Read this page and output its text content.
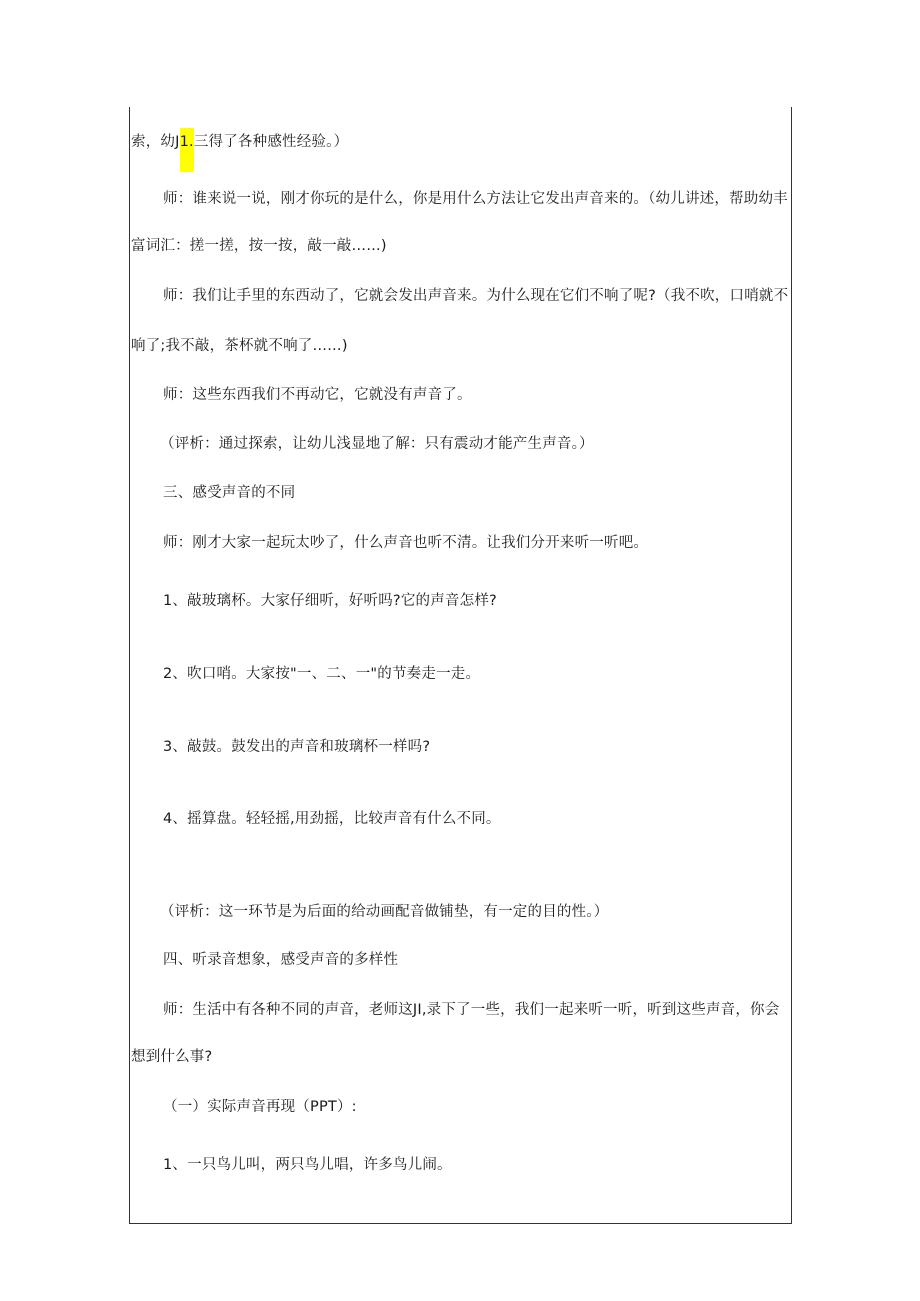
索，幼J1.三得了各种感性经验。）
师：谁来说一说，刚才你玩的是什么，你是用什么方法让它发出声音来的。（幼儿讲述，帮助幼丰
富词汇：搓一搓，按一按，敲一敲……)
师：我们让手里的东西动了，它就会发出声音来。为什么现在它们不响了呢?（我不吹，口哨就不
响了;我不敲，茶杯就不响了……)
师：这些东西我们不再动它，它就没有声音了。
（评析：通过探索，让幼儿浅显地了解：只有震动才能产生声音。）
三、感受声音的不同
师：刚才大家一起玩太吵了，什么声音也听不清。让我们分开来听一听吧。
1、敲玻璃杯。大家仔细听，好听吗?它的声音怎样?
2、吹口哨。大家按"一、二、一"的节奏走一走。
3、敲鼓。鼓发出的声音和玻璃杯一样吗?
4、摇算盘。轻轻摇,用劲摇，比较声音有什么不同。
（评析：这一环节是为后面的给动画配音做铺垫，有一定的目的性。）
四、听录音想象，感受声音的多样性
师：生活中有各种不同的声音，老师这JI,录下了一些，我们一起来听一听，听到这些声音，你会
想到什么事?
（一）实际声音再现（PPT）:
1、一只鸟儿叫，两只鸟儿唱，许多鸟儿闹。
